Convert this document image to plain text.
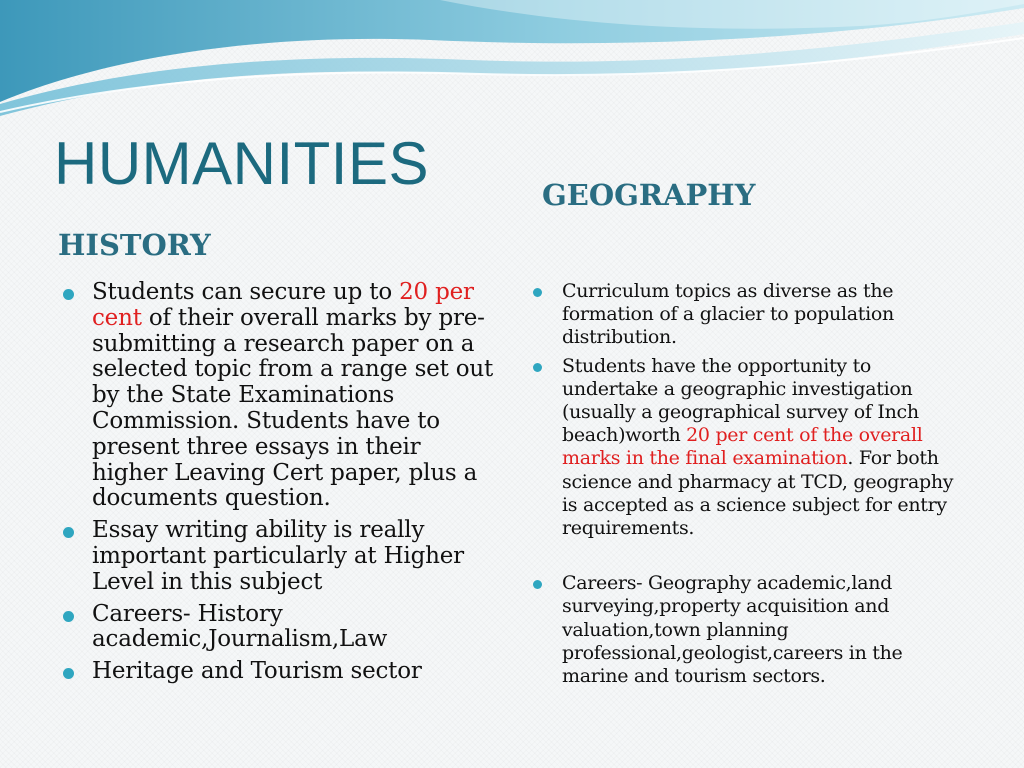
HUMANITIES
HISTORY
GEOGRAPHY
Students can secure up to 20 per cent of their overall marks by pre-submitting a research paper on a selected topic from a range set out by the State Examinations Commission. Students have to present three essays in their higher Leaving Cert paper, plus a documents question.
Essay writing ability is really important particularly at Higher Level in this subject
Careers- History academic,Journalism,Law
Heritage and Tourism sector
Curriculum topics as diverse as the formation of a glacier to population distribution.
Students have the opportunity to undertake a geographic investigation (usually a geographical survey of Inch beach)worth 20 per cent of the overall marks in the final examination. For both science and pharmacy at TCD, geography is accepted as a science subject for entry requirements.
Careers- Geography academic,land surveying,property acquisition and valuation,town planning professional,geologist,careers in the marine and tourism sectors.
